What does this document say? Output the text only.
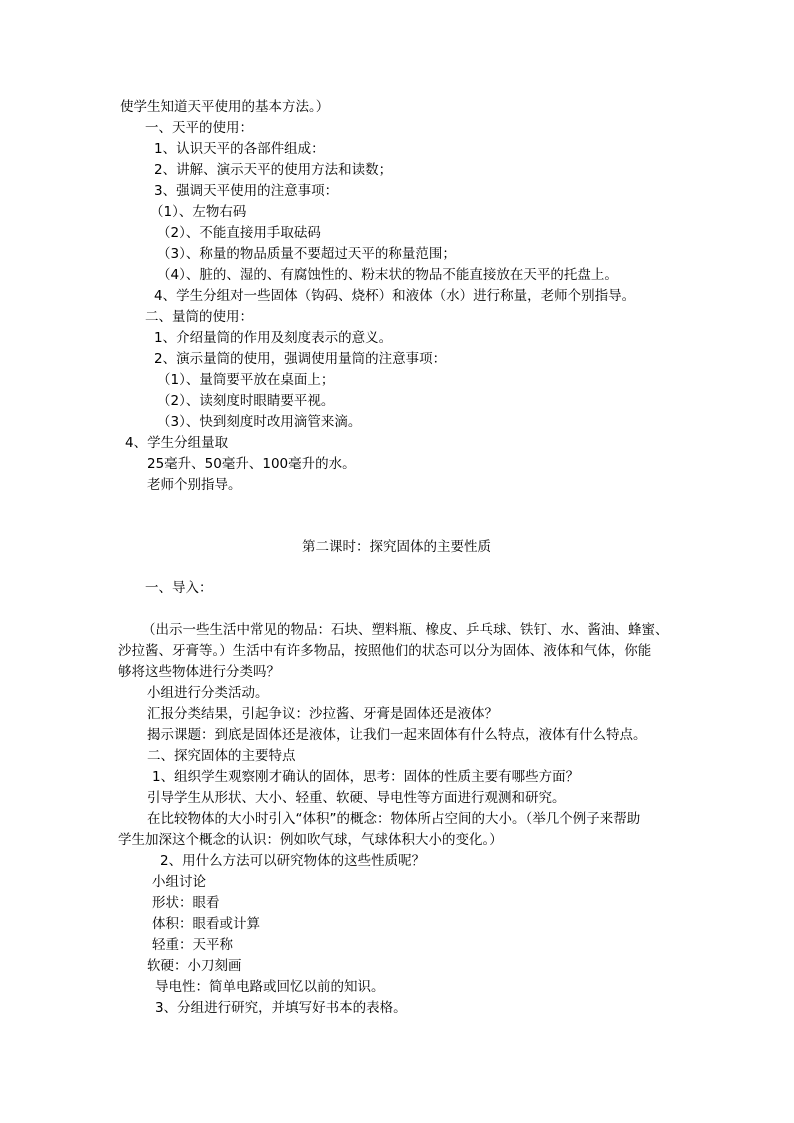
使学生知道天平使用的基本方法。）
一、天平的使用：
1、认识天平的各部件组成：
2、讲解、演示天平的使用方法和读数；
3、强调天平使用的注意事项：
（1）、左物右码
（2）、不能直接用手取砝码
（3）、称量的物品质量不要超过天平的称量范围；
（4）、脏的、湿的、有腐蚀性的、粉末状的物品不能直接放在天平的托盘上。
4、学生分组对一些固体（钩码、烧杯）和液体（水）进行称量，老师个别指导。
二、量筒的使用：
1、介绍量筒的作用及刻度表示的意义。
2、演示量筒的使用，强调使用量筒的注意事项：
（1）、量筒要平放在桌面上；
（2）、读刻度时眼睛要平视。
（3）、快到刻度时改用滴管来滴。
4、学生分组量取
25毫升、50毫升、100毫升的水。
老师个别指导。
第二课时：探究固体的主要性质
一、导入：
（出示一些生活中常见的物品：石块、塑料瓶、橡皮、乒乓球、铁钉、水、酱油、蜂蜜、
沙拉酱、牙膏等。）生活中有许多物品，按照他们的状态可以分为固体、液体和气体，你能
够将这些物体进行分类吗？
小组进行分类活动。
汇报分类结果，引起争议：沙拉酱、牙膏是固体还是液体？
揭示课题：到底是固体还是液体，让我们一起来固体有什么特点，液体有什么特点。
二、探究固体的主要特点
1、组织学生观察刚才确认的固体，思考：固体的性质主要有哪些方面？
引导学生从形状、大小、轻重、软硬、导电性等方面进行观测和研究。
在比较物体的大小时引入“体积”的概念：物体所占空间的大小。（举几个例子来帮助
学生加深这个概念的认识：例如吹气球，气球体积大小的变化。）
2、用什么方法可以研究物体的这些性质呢？
小组讨论
形状：眼看
体积：眼看或计算
轻重：天平称
软硬：小刀刻画
导电性：简单电路或回忆以前的知识。
3、分组进行研究，并填写好书本的表格。
